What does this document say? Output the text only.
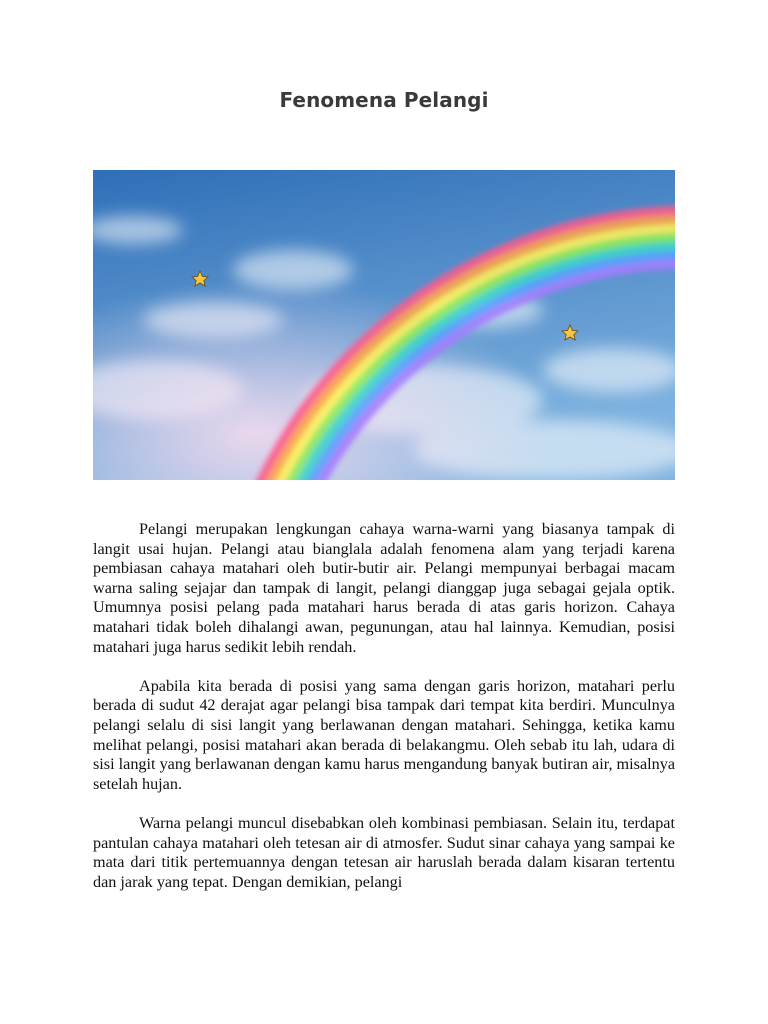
Fenomena Pelangi

Pelangi merupakan lengkungan cahaya warna-warni yang biasanya tampak di langit usai hujan. Pelangi atau bianglala adalah fenomena alam yang terjadi karena pembiasan cahaya matahari oleh butir-butir air. Pelangi mempunyai berbagai macam warna saling sejajar dan tampak di langit, pelangi dianggap juga sebagai gejala optik. Umumnya posisi pelang pada matahari harus berada di atas garis horizon. Cahaya matahari tidak boleh dihalangi awan, pegunungan, atau hal lainnya. Kemudian, posisi matahari juga harus sedikit lebih rendah.

Apabila kita berada di posisi yang sama dengan garis horizon, matahari perlu berada di sudut 42 derajat agar pelangi bisa tampak dari tempat kita berdiri. Munculnya pelangi selalu di sisi langit yang berlawanan dengan matahari. Sehingga, ketika kamu melihat pelangi, posisi matahari akan berada di belakangmu. Oleh sebab itu lah, udara di sisi langit yang berlawanan dengan kamu harus mengandung banyak butiran air, misalnya setelah hujan.

Warna pelangi muncul disebabkan oleh kombinasi pembiasan. Selain itu, terdapat pantulan cahaya matahari oleh tetesan air di atmosfer. Sudut sinar cahaya yang sampai ke mata dari titik pertemuannya dengan tetesan air haruslah berada dalam kisaran tertentu dan jarak yang tepat. Dengan demikian, pelangi
